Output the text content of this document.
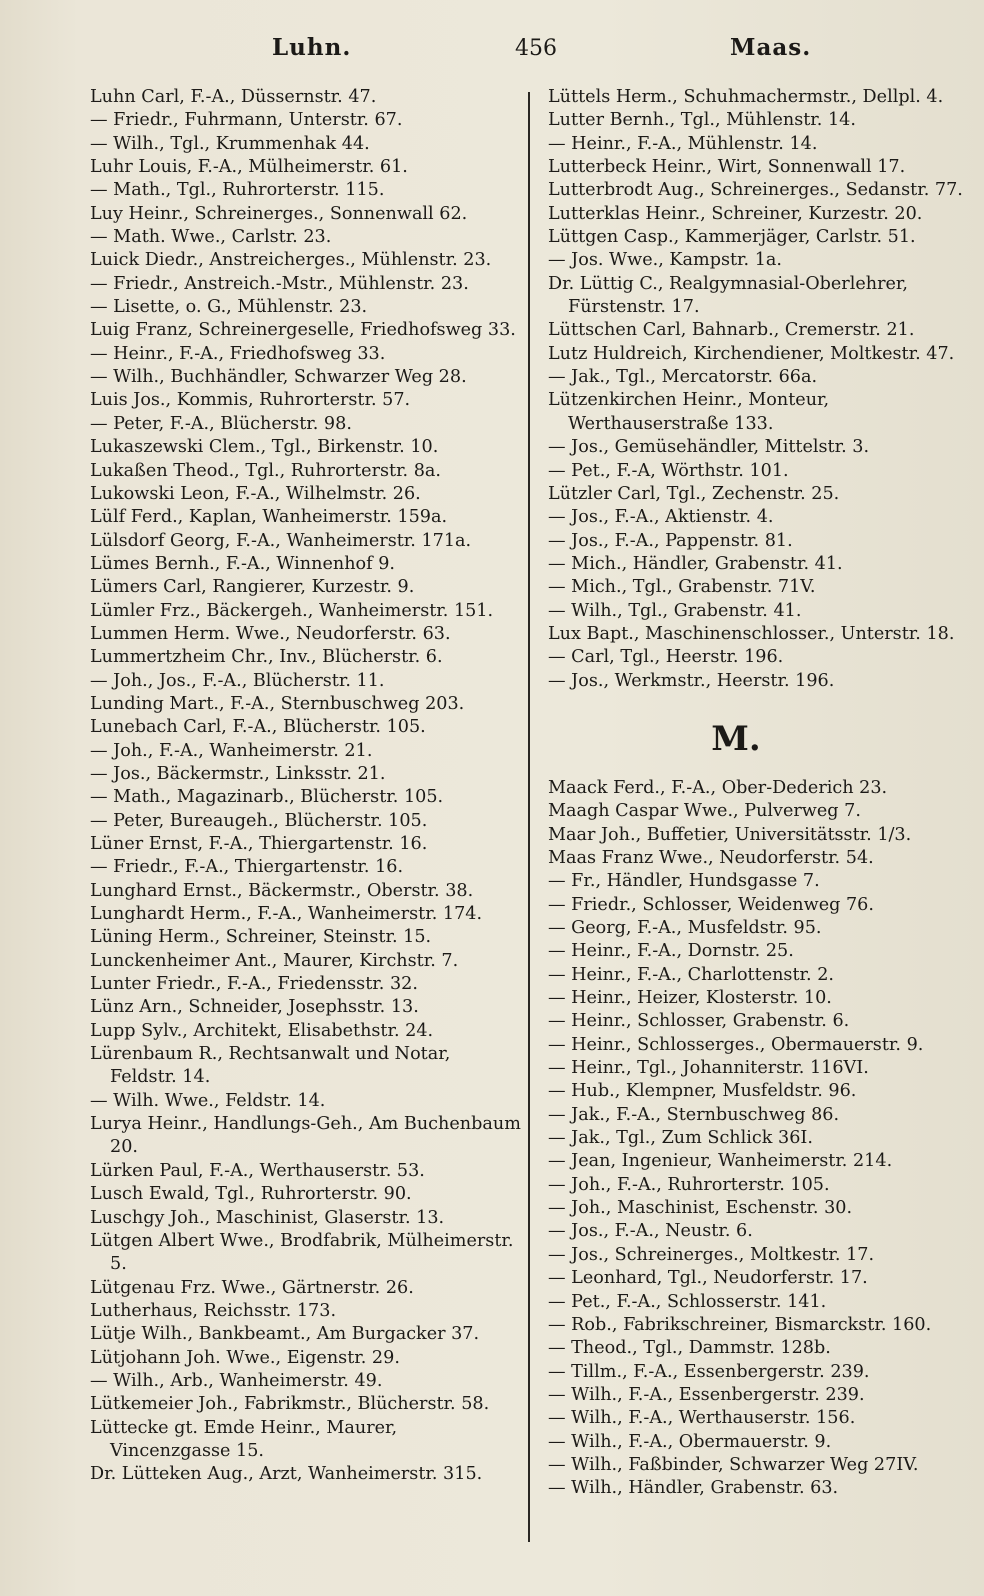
Luhn.	456	Maas.
Luhn Carl, F.-A., Düssernstr. 47.
— Friedr., Fuhrmann, Unterstr. 67.
— Wilh., Tgl., Krummenhak 44.
Luhr Louis, F.-A., Mülheimerstr. 61.
— Math., Tgl., Ruhrorterstr. 115.
Luy Heinr., Schreinerges., Sonnenwall 62.
— Math. Wwe., Carlstr. 23.
Luick Diedr., Anstreicherges., Mühlenstr. 23.
— Friedr., Anstreich.-Mstr., Mühlenstr. 23.
— Lisette, o. G., Mühlenstr. 23.
Luig Franz, Schreinergeselle, Friedhofsweg 33.
— Heinr., F.-A., Friedhofsweg 33.
— Wilh., Buchhändler, Schwarzer Weg 28.
Luis Jos., Kommis, Ruhrorterstr. 57.
— Peter, F.-A., Blücherstr. 98.
Lukaszewski Clem., Tgl., Birkenstr. 10.
Lukaßen Theod., Tgl., Ruhrorterstr. 8a.
Lukowski Leon, F.-A., Wilhelmstr. 26.
Lülf Ferd., Kaplan, Wanheimerstr. 159a.
Lülsdorf Georg, F.-A., Wanheimerstr. 171a.
Lümes Bernh., F.-A., Winnenhof 9.
Lümers Carl, Rangierer, Kurzestr. 9.
Lümler Frz., Bäckergeh., Wanheimerstr. 151.
Lummen Herm. Wwe., Neudorferstr. 63.
Lummertzheim Chr., Inv., Blücherstr. 6.
— Joh., Jos., F.-A., Blücherstr. 11.
Lunding Mart., F.-A., Sternbuschweg 203.
Lunebach Carl, F.-A., Blücherstr. 105.
— Joh., F.-A., Wanheimerstr. 21.
— Jos., Bäckermstr., Linksstr. 21.
— Math., Magazinarb., Blücherstr. 105.
— Peter, Bureaugeh., Blücherstr. 105.
Lüner Ernst, F.-A., Thiergartenstr. 16.
— Friedr., F.-A., Thiergartenstr. 16.
Lunghard Ernst., Bäckermstr., Oberstr. 38.
Lunghardt Herm., F.-A., Wanheimerstr. 174.
Lüning Herm., Schreiner, Steinstr. 15.
Lunckenheimer Ant., Maurer, Kirchstr. 7.
Lunter Friedr., F.-A., Friedensstr. 32.
Lünz Arn., Schneider, Josephsstr. 13.
Lupp Sylv., Architekt, Elisabethstr. 24.
Lürenbaum R., Rechtsanwalt und Notar, Feldstr. 14.
— Wilh. Wwe., Feldstr. 14.
Lurya Heinr., Handlungs-Geh., Am Buchenbaum 20.
Lürken Paul, F.-A., Werthauserstr. 53.
Lusch Ewald, Tgl., Ruhrorterstr. 90.
Luschgy Joh., Maschinist, Glaserstr. 13.
Lütgen Albert Wwe., Brodfabrik, Mülheimerstr. 5.
Lütgenau Frz. Wwe., Gärtnerstr. 26.
Lutherhaus, Reichsstr. 173.
Lütje Wilh., Bankbeamt., Am Burgacker 37.
Lütjohann Joh. Wwe., Eigenstr. 29.
— Wilh., Arb., Wanheimerstr. 49.
Lütkemeier Joh., Fabrikmstr., Blücherstr. 58.
Lüttecke gt. Emde Heinr., Maurer, Vincenzgasse 15.
Dr. Lütteken Aug., Arzt, Wanheimerstr. 315.
Lüttels Herm., Schuhmachermstr., Dellpl. 4.
Lutter Bernh., Tgl., Mühlenstr. 14.
— Heinr., F.-A., Mühlenstr. 14.
Lutterbeck Heinr., Wirt, Sonnenwall 17.
Lutterbrodt Aug., Schreinerges., Sedanstr. 77.
Lutterklas Heinr., Schreiner, Kurzestr. 20.
Lüttgen Casp., Kammerjäger, Carlstr. 51.
— Jos. Wwe., Kampstr. 1a.
Dr. Lüttig C., Realgymnasial-Oberlehrer, Fürstenstr. 17.
Lüttschen Carl, Bahnarb., Cremerstr. 21.
Lutz Huldreich, Kirchendiener, Moltkestr. 47.
— Jak., Tgl., Mercatorstr. 66a.
Lützenkirchen Heinr., Monteur, Werthauserstraße 133.
— Jos., Gemüsehändler, Mittelstr. 3.
— Pet., F.-A, Wörthstr. 101.
Lützler Carl, Tgl., Zechenstr. 25.
— Jos., F.-A., Aktienstr. 4.
— Jos., F.-A., Pappenstr. 81.
— Mich., Händler, Grabenstr. 41.
— Mich., Tgl., Grabenstr. 71V.
— Wilh., Tgl., Grabenstr. 41.
Lux Bapt., Maschinenschlosser., Unterstr. 18.
— Carl, Tgl., Heerstr. 196.
— Jos., Werkmstr., Heerstr. 196.
M.
Maack Ferd., F.-A., Ober-Dederich 23.
Maagh Caspar Wwe., Pulverweg 7.
Maar Joh., Buffetier, Universitätsstr. 1/3.
Maas Franz Wwe., Neudorferstr. 54.
— Fr., Händler, Hundsgasse 7.
— Friedr., Schlosser, Weidenweg 76.
— Georg, F.-A., Musfeldstr. 95.
— Heinr., F.-A., Dornstr. 25.
— Heinr., F.-A., Charlottenstr. 2.
— Heinr., Heizer, Klosterstr. 10.
— Heinr., Schlosser, Grabenstr. 6.
— Heinr., Schlosserges., Obermauerstr. 9.
— Heinr., Tgl., Johanniterstr. 116VI.
— Hub., Klempner, Musfeldstr. 96.
— Jak., F.-A., Sternbuschweg 86.
— Jak., Tgl., Zum Schlick 36I.
— Jean, Ingenieur, Wanheimerstr. 214.
— Joh., F.-A., Ruhrorterstr. 105.
— Joh., Maschinist, Eschenstr. 30.
— Jos., F.-A., Neustr. 6.
— Jos., Schreinerges., Moltkestr. 17.
— Leonhard, Tgl., Neudorferstr. 17.
— Pet., F.-A., Schlosserstr. 141.
— Rob., Fabrikschreiner, Bismarckstr. 160.
— Theod., Tgl., Dammstr. 128b.
— Tillm., F.-A., Essenbergerstr. 239.
— Wilh., F.-A., Essenbergerstr. 239.
— Wilh., F.-A., Werthauserstr. 156.
— Wilh., F.-A., Obermauerstr. 9.
— Wilh., Faßbinder, Schwarzer Weg 27IV.
— Wilh., Händler, Grabenstr. 63.
